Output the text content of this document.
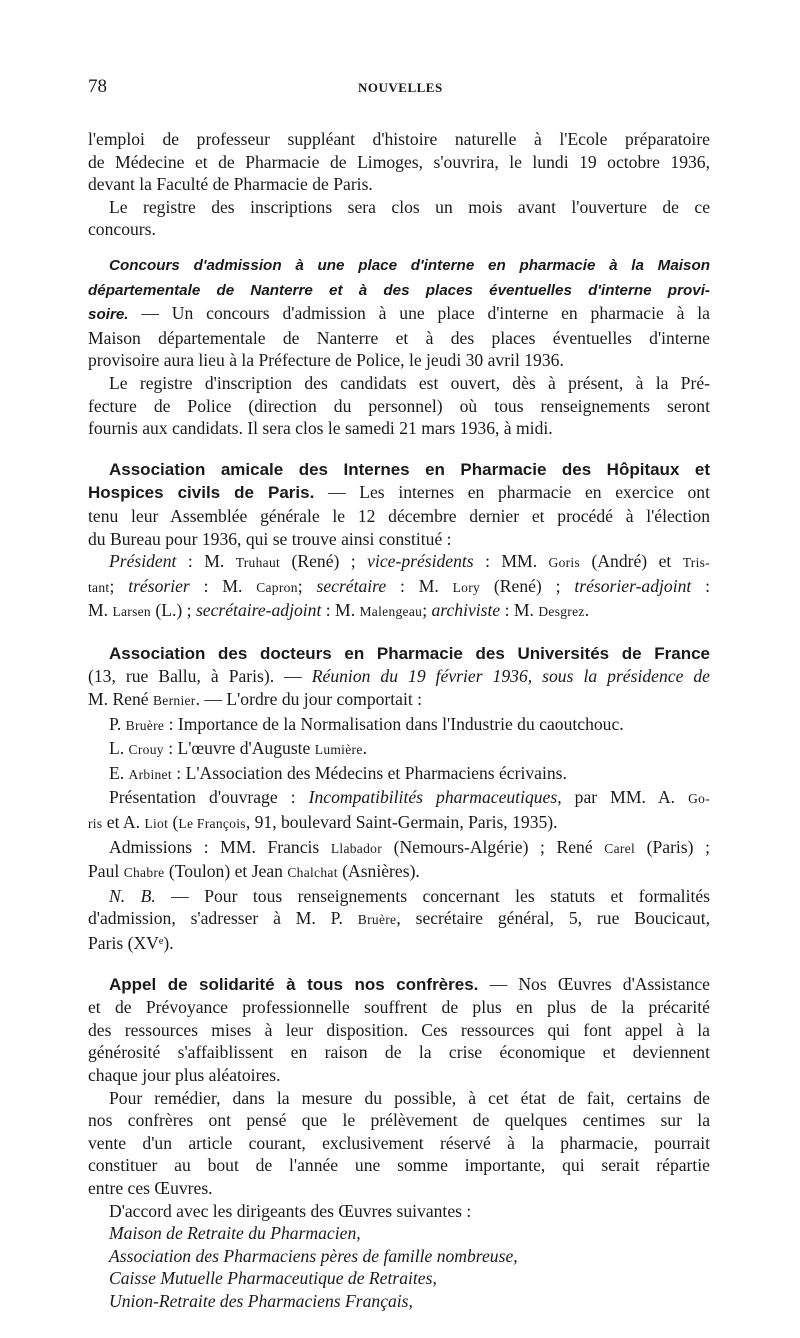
78	NOUVELLES
l'emploi de professeur suppléant d'histoire naturelle à l'Ecole préparatoire
de Médecine et de Pharmacie de Limoges, s'ouvrira, le lundi 19 octobre 1936,
devant la Faculté de Pharmacie de Paris.
Le registre des inscriptions sera clos un mois avant l'ouverture de ce
concours.
Concours d'admission à une place d'interne en pharmacie à la Maison
départementale de Nanterre et à des places éventuelles d'interne provi-
soire. — Un concours d'admission à une place d'interne en pharmacie à la
Maison départementale de Nanterre et à des places éventuelles d'interne
provisoire aura lieu à la Préfecture de Police, le jeudi 30 avril 1936.
Le registre d'inscription des candidats est ouvert, dès à présent, à la Pré-
fecture de Police (direction du personnel) où tous renseignements seront
fournis aux candidats. Il sera clos le samedi 21 mars 1936, à midi.
Association amicale des Internes en Pharmacie des Hôpitaux et
Hospices civils de Paris. — Les internes en pharmacie en exercice ont
tenu leur Assemblée générale le 12 décembre dernier et procédé à l'élection
du Bureau pour 1936, qui se trouve ainsi constitué :
Président : M. Truhaut (René) ; vice-présidents : MM. Goris (André) et Tris-
tant; trésorier : M. Capron; secrétaire : M. Lory (René) ; trésorier-adjoint :
M. Larsen (L.) ; secrétaire-adjoint : M. Malengeau; archiviste : M. Desgrez.
Association des docteurs en Pharmacie des Universités de France
(13, rue Ballu, à Paris). — Réunion du 19 février 1936, sous la présidence de
M. René Bernier. — L'ordre du jour comportait :
P. Bruère : Importance de la Normalisation dans l'Industrie du caoutchouc.
L. Crouy : L'œuvre d'Auguste Lumière.
E. Arbinet : L'Association des Médecins et Pharmaciens écrivains.
Présentation d'ouvrage : Incompatibilités pharmaceutiques, par MM. A. Go-
ris et A. Liot (Le François, 91, boulevard Saint-Germain, Paris, 1935).
Admissions : MM. Francis Llabador (Nemours-Algérie) ; René Carel (Paris) ;
Paul Chabre (Toulon) et Jean Chalchat (Asnières).
N. B. — Pour tous renseignements concernant les statuts et formalités
d'admission, s'adresser à M. P. Bruère, secrétaire général, 5, rue Boucicaut,
Paris (XVᵉ).
Appel de solidarité à tous nos confrères. — Nos Œuvres d'Assistance
et de Prévoyance professionnelle souffrent de plus en plus de la précarité
des ressources mises à leur disposition. Ces ressources qui font appel à la
générosité s'affaiblissent en raison de la crise économique et deviennent
chaque jour plus aléatoires.
Pour remédier, dans la mesure du possible, à cet état de fait, certains de
nos confrères ont pensé que le prélèvement de quelques centimes sur la
vente d'un article courant, exclusivement réservé à la pharmacie, pourrait
constituer au bout de l'année une somme importante, qui serait répartie
entre ces Œuvres.
D'accord avec les dirigeants des Œuvres suivantes :
Maison de Retraite du Pharmacien,
Association des Pharmaciens pères de famille nombreuse,
Caisse Mutuelle Pharmaceutique de Retraites,
Union-Retraite des Pharmaciens Français,
